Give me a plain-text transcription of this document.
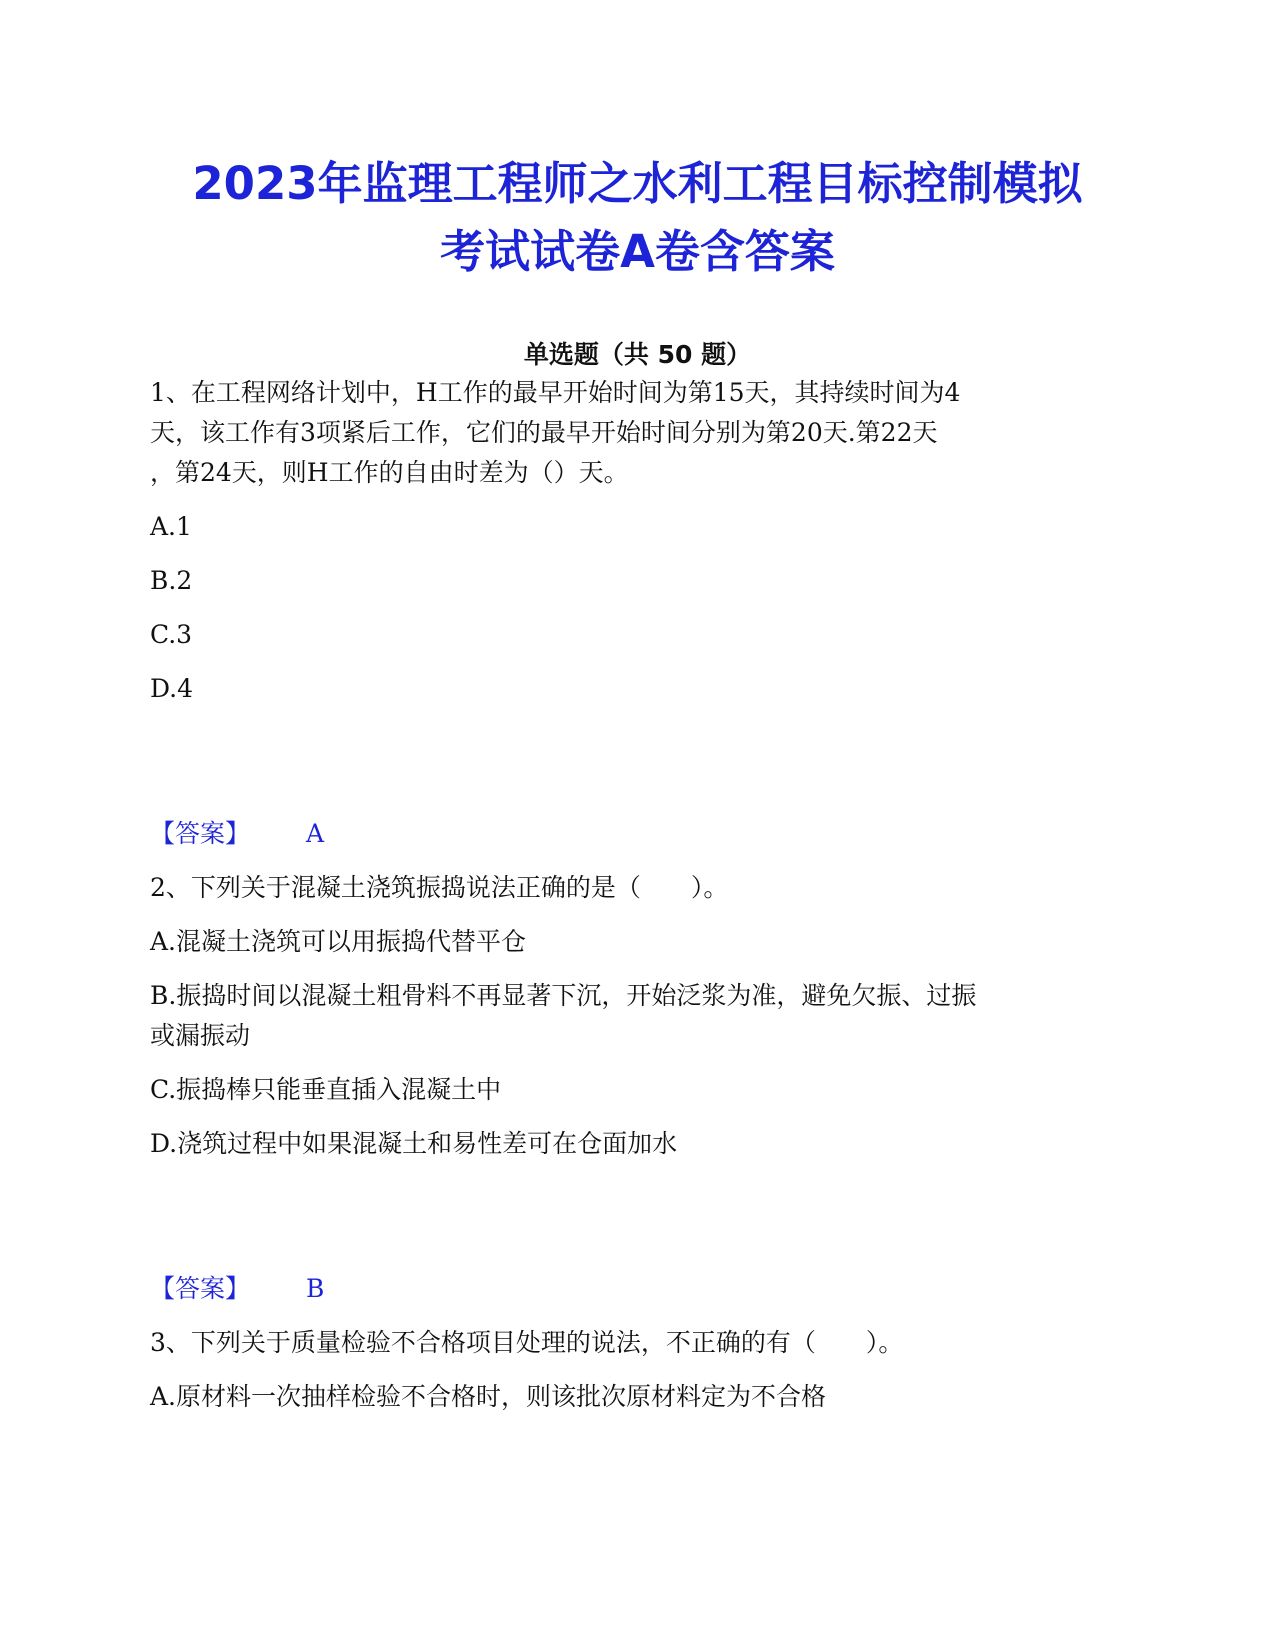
2023年监理工程师之水利工程目标控制模拟
考试试卷A卷含答案

单选题（共 50 题）

1、在工程网络计划中，H工作的最早开始时间为第15天，其持续时间为4

天，该工作有3项紧后工作，它们的最早开始时间分别为第20天.第22天

，第24天，则H工作的自由时差为（）天。

A.1

B.2

C.3

D.4

【答案】 A

2、下列关于混凝土浇筑振捣说法正确的是（　　）。

A.混凝土浇筑可以用振捣代替平仓

B.振捣时间以混凝土粗骨料不再显著下沉，开始泛浆为准，避免欠振、过振

或漏振动

C.振捣棒只能垂直插入混凝土中

D.浇筑过程中如果混凝土和易性差可在仓面加水

【答案】 B

3、下列关于质量检验不合格项目处理的说法，不正确的有（　　）。

A.原材料一次抽样检验不合格时，则该批次原材料定为不合格
